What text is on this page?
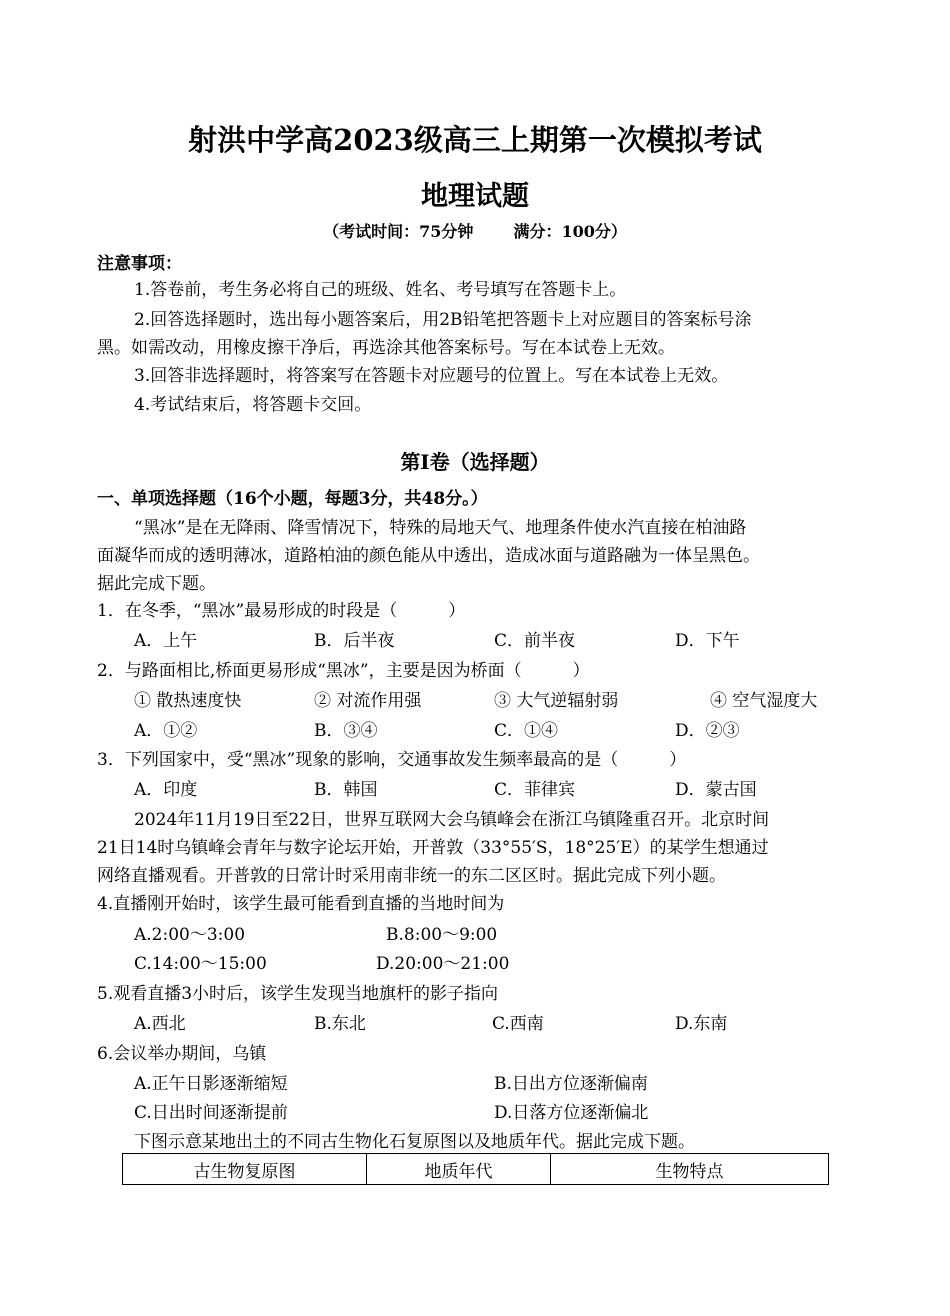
射洪中学高2023级高三上期第一次模拟考试
地理试题
（考试时间：75分钟	满分：100分）
注意事项：
1.答卷前，考生务必将自己的班级、姓名、考号填写在答题卡上。
2.回答选择题时，选出每小题答案后，用2B铅笔把答题卡上对应题目的答案标号涂
黑。如需改动，用橡皮擦干净后，再选涂其他答案标号。写在本试卷上无效。
3.回答非选择题时，将答案写在答题卡对应题号的位置上。写在本试卷上无效。
4.考试结束后，将答题卡交回。
第I卷（选择题）
一、单项选择题（16个小题，每题3分，共48分。）
“黑冰”是在无降雨、降雪情况下，特殊的局地天气、地理条件使水汽直接在柏油路
面凝华而成的透明薄冰，道路柏油的颜色能从中透出，造成冰面与道路融为一体呈黑色。
据此完成下题。
1．在冬季，“黑冰”最易形成的时段是（　　　）
A．上午	B．后半夜	C．前半夜	D．下午
2．与路面相比,桥面更易形成“黑冰”，主要是因为桥面（　　　）
① 散热速度快	② 对流作用强	③ 大气逆辐射弱	④ 空气湿度大
A．①②	B．③④	C．①④	D．②③
3．下列国家中，受“黑冰”现象的影响，交通事故发生频率最高的是（　　　）
A．印度	B．韩国	C．菲律宾	D．蒙古国
2024年11月19日至22日，世界互联网大会乌镇峰会在浙江乌镇隆重召开。北京时间
21日14时乌镇峰会青年与数字论坛开始，开普敦（33°55′S，18°25′E）的某学生想通过
网络直播观看。开普敦的日常计时采用南非统一的东二区区时。据此完成下列小题。
4.直播刚开始时，该学生最可能看到直播的当地时间为
A.2:00～3:00	B.8:00～9:00
C.14:00～15:00	D.20:00～21:00
5.观看直播3小时后，该学生发现当地旗杆的影子指向
A.西北	B.东北	C.西南	D.东南
6.会议举办期间，乌镇
A.正午日影逐渐缩短	B.日出方位逐渐偏南
C.日出时间逐渐提前	D.日落方位逐渐偏北
下图示意某地出土的不同古生物化石复原图以及地质年代。据此完成下题。
古生物复原图	地质年代	生物特点
